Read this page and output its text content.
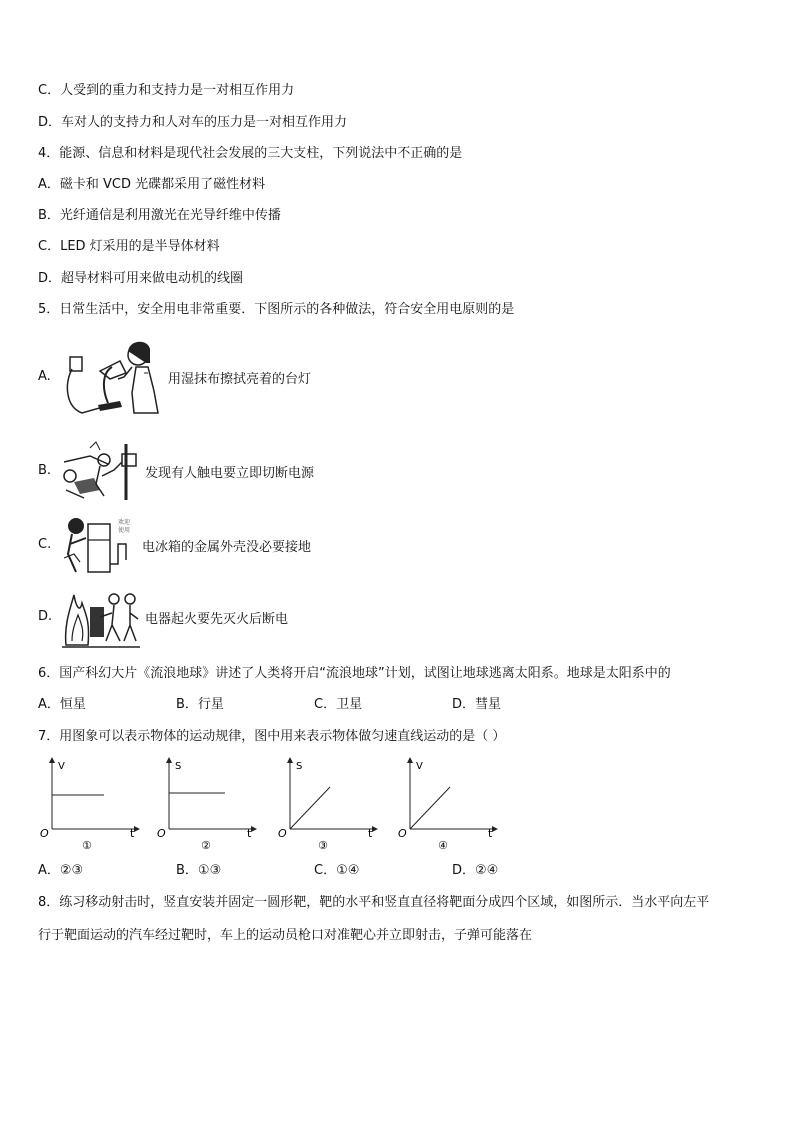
C．人受到的重力和支持力是一对相互作用力
D．车对人的支持力和人对车的压力是一对相互作用力
4．能源、信息和材料是现代社会发展的三大支柱，下列说法中不正确的是
A．磁卡和 VCD 光碟都采用了磁性材料
B．光纤通信是利用激光在光导纤维中传播
C．LED 灯采用的是半导体材料
D．超导材料可用来做电动机的线圈
5．日常生活中，安全用电非常重要．下图所示的各种做法，符合安全用电原则的是
A.	用湿抹布擦拭亮着的台灯
B.	发现有人触电要立即切断电源
C.
欢迎
使用
电冰箱的金属外壳没必要接地
D.	电器起火要先灭火后断电
6．国产科幻大片《流浪地球》讲述了人类将开启“流浪地球”计划，试图让地球逃离太阳系。地球是太阳系中的
A．恒星	B．行星	C．卫星	D．彗星
7．用图象可以表示物体的运动规律，图中用来表示物体做匀速直线运动的是（ ）
V
t
O
①
S
t
O
②
S
t
O
③
V
t
O
④
A．②③	B．①③	C．①④	D．②④
8．练习移动射击时，竖直安装并固定一圆形靶，靶的水平和竖直直径将靶面分成四个区域，如图所示．当水平向左平
行于靶面运动的汽车经过靶时，车上的运动员枪口对准靶心并立即射击，子弹可能落在
